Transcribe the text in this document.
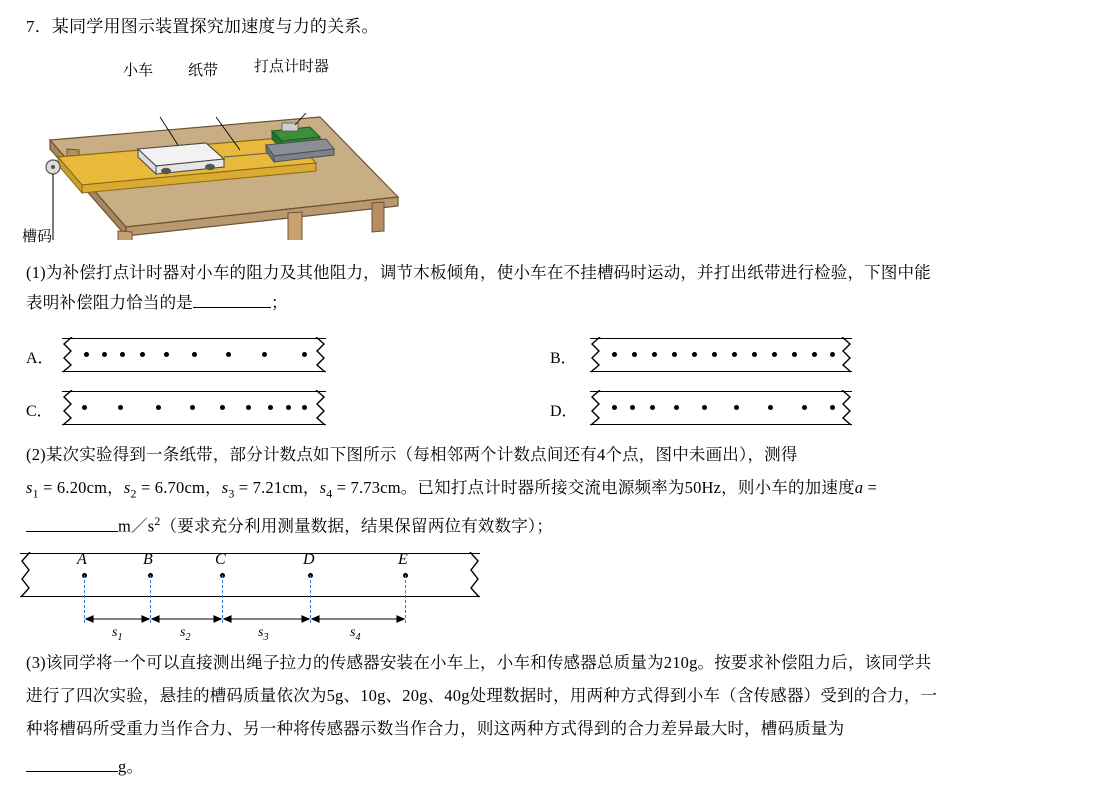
7．某同学用图示装置探究加速度与力的关系。
小车 纸带 打点计时器
槽码
(1)为补偿打点计时器对小车的阻力及其他阻力，调节木板倾角，使小车在不挂槽码时运动，并打出纸带进行检验，下图中能
表明补偿阻力恰当的是	；
A．	B．
C．	D．
(2)某次实验得到一条纸带，部分计数点如下图所示（每相邻两个计数点间还有4个点，图中未画出），测得
$s_1 = 6.20cm$，$s_2 = 6.70cm$，$s_3 = 7.21cm$，$s_4 = 7.73cm$。已知打点计时器所接交流电源频率为50Hz，则小车的加速度a =
$m/s^2$（要求充分利用测量数据，结果保留两位有效数字）；
A	B	C	D	E
$s_1$	$s_2$	$s_3$	$s_4$
(3)该同学将一个可以直接测出绳子拉力的传感器安装在小车上，小车和传感器总质量为210g。按要求补偿阻力后，该同学共
进行了四次实验，悬挂的槽码质量依次为5g、10g、20g、40g处理数据时，用两种方式得到小车（含传感器）受到的合力，一
种将槽码所受重力当作合力、另一种将传感器示数当作合力，则这两种方式得到的合力差异最大时，槽码质量为
g。
